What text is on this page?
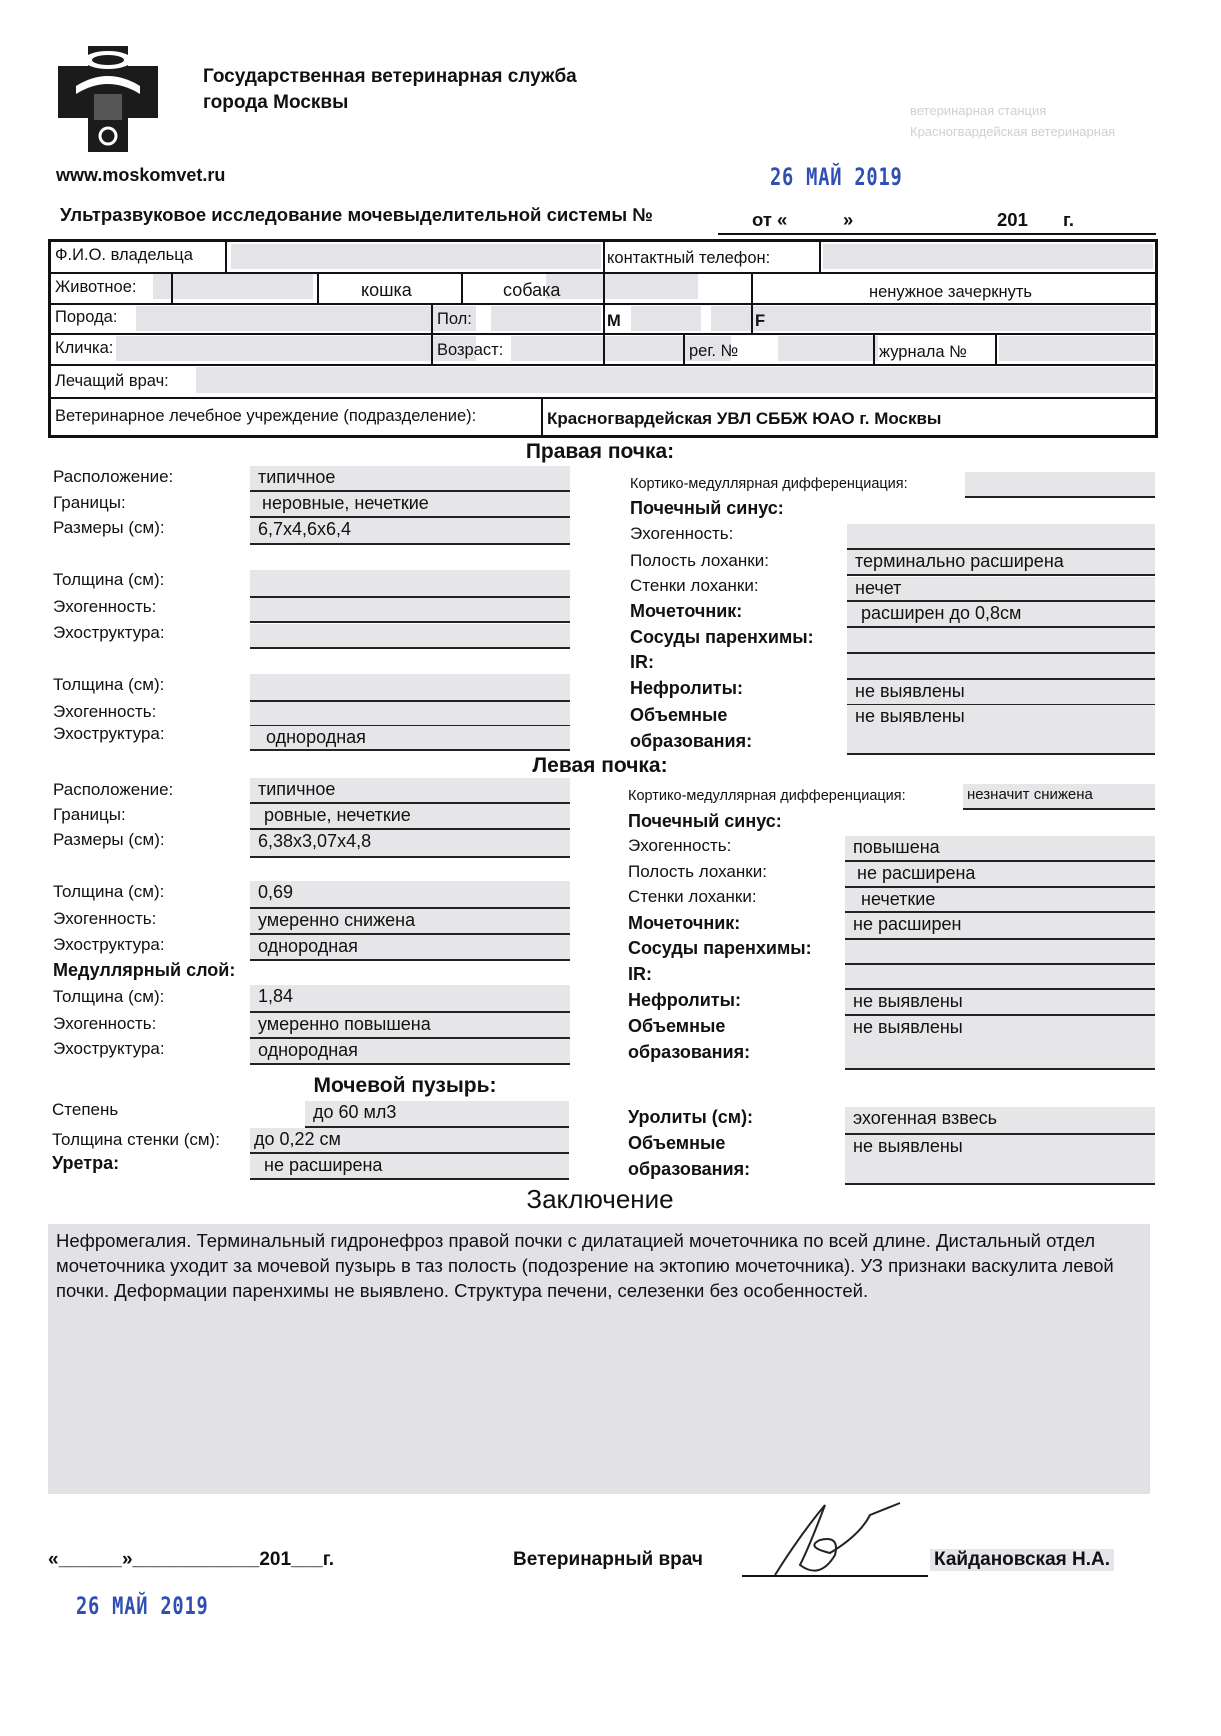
Государственная ветеринарная служба
города Москвы	ветеринарная станция
Красногвардейская ветеринарная
www.moskomvet.ru	26 МАЙ 2019
Ультразвуковое исследование мочевыделительной системы №	от «	»	201 г.
Ф.И.О. владельца	контактный телефон:
Животное:	кошка	собака	ненужное зачеркнуть
Порода:	Пол:	M	F
Кличка:	Возраст:	рег. №	журнала №
Лечащий врач:
Ветеринарное лечебное учреждение (подразделение):	Красногвардейская УВЛ СББЖ ЮАО г. Москвы
Правая почка:
Расположение:	типичное
Границы:	неровные, нечеткие
Размеры (см):	6,7х4,6х6,4
Толщина (см):
Эхогенность:
Эхоструктура:
Толщина (см):
Эхогенность:
Эхоструктура:	однородная
Кортико-медуллярная дифференциация:
Почечный синус:
Эхогенность:
Полость лоханки:	терминально расширена
Стенки лоханки:	нечет
Мочеточник:	расширен до 0,8см
Сосуды паренхимы:
IR:
Нефролиты:	не выявлены
Объемные
образования:
не выявлены
Левая почка:
Расположение:	типичное
Границы:	ровные, нечеткие
Размеры (см):	6,38х3,07х4,8
Толщина (см):	0,69
Эхогенность:	умеренно снижена
Эхоструктура:	однородная
Медуллярный слой:
Толщина (см):	1,84
Эхогенность:	умеренно повышена
Эхоструктура:	однородная
Кортико-медуллярная дифференциация:	незначит снижена
Почечный синус:
Эхогенность:	повышена
Полость лоханки:	не расширена
Стенки лоханки:	нечеткие
Мочеточник:	не расширен
Сосуды паренхимы:
IR:
Нефролиты:	не выявлены
Объемные
образования:
не выявлены
Мочевой пузырь:
Степень	до 60 мл3
Толщина стенки (см): до 0,22 см
Уретра:	не расширена
Уролиты (см):	эхогенная взвесь
Объемные
образования:
не выявлены
Заключение
Нефромегалия. Терминальный гидронефроз правой почки с дилатацией мочеточника по всей длине. Дистальный отдел мочеточника уходит за мочевой пузырь в таз полость (подозрение на эктопию мочеточника). УЗ признаки васкулита левой почки. Деформации паренхимы не выявлено. Структура печени, селезенки без особенностей.
«______»____________201___г.	Ветеринарный врач	Кайдановская Н.А.
26 МАЙ 2019
